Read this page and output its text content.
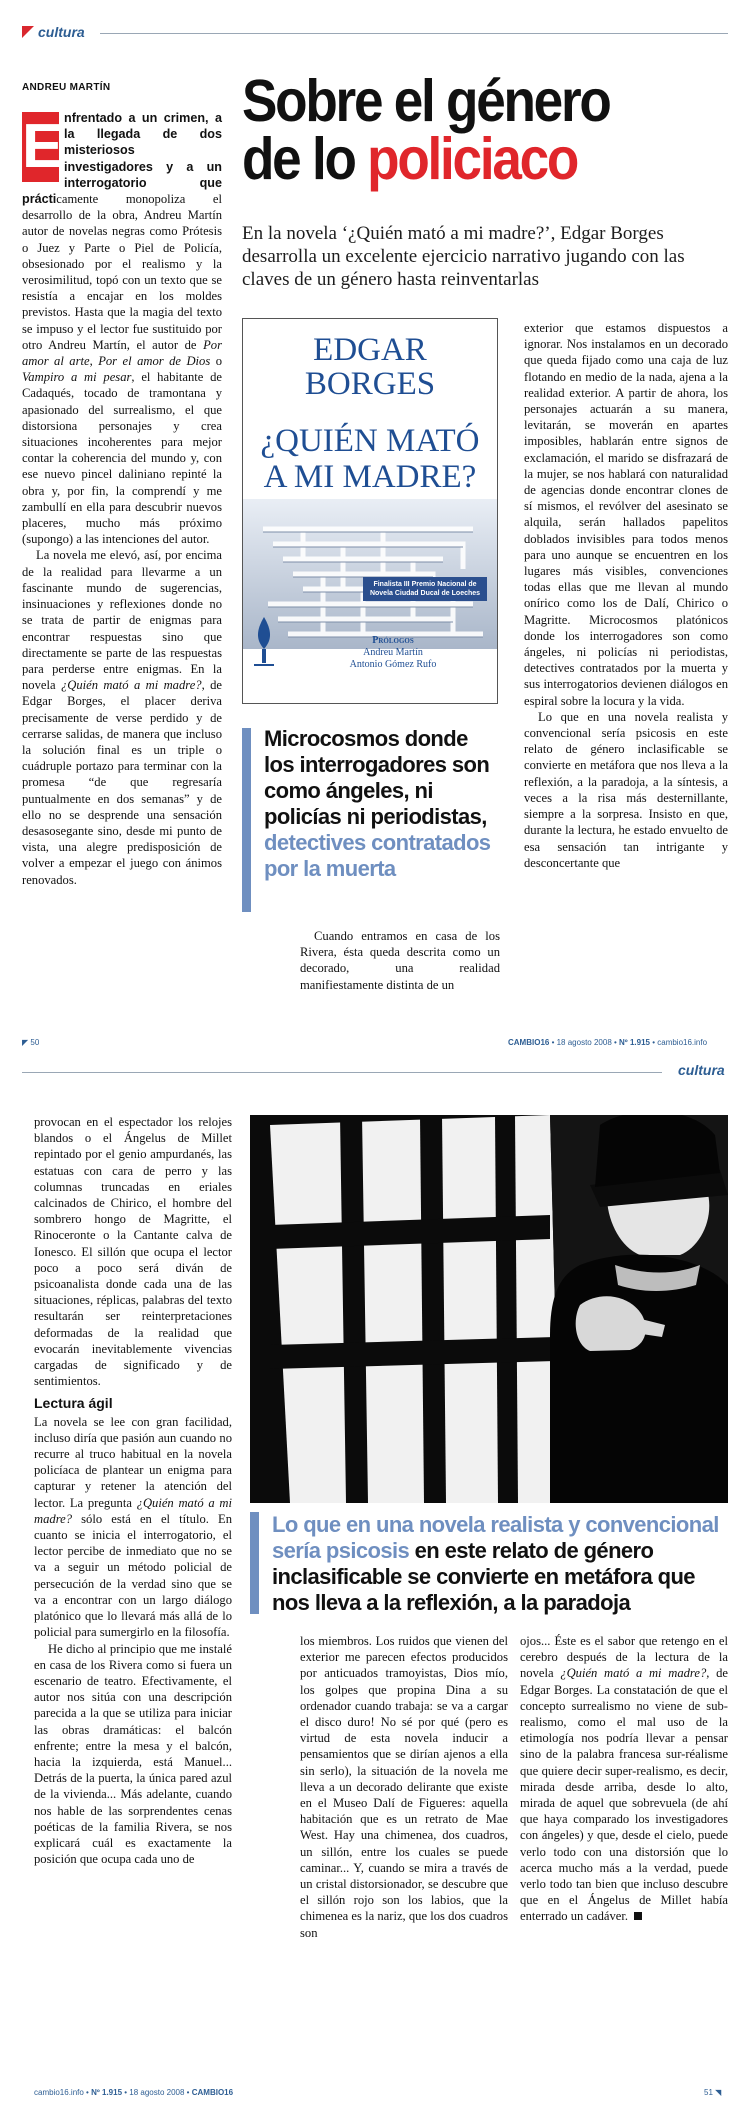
cultura
ANDREU MARTÍN Sobre el género
de lo policiaco
En la novela ‘¿Quién mató a mi madre?’, Edgar Borges desarrolla un excelente ejercicio narrativo jugando con las claves de un género hasta reinventarlas

E nfrentado a un crimen, a la llegada de dos misteriosos investigadores y a un interrogatorio que prácticamente monopoliza el desarrollo de la obra, Andreu Martín autor de novelas negras como Prótesis o Juez y Parte o Piel de Policía, obsesionado por el realismo y la verosimilitud, topó con un texto que se resistía a encajar en los moldes previstos. Hasta que la magia del texto se impuso y el lector fue sustituido por otro Andreu Martín, el autor de Por amor al arte, Por el amor de Dios o Vampiro a mi pesar, el habitante de Cadaqués, tocado de tramontana y apasionado del surrealismo, el que distorsiona personajes y crea situaciones incoherentes para mejor contar la coherencia del mundo y, con ese nuevo pincel daliniano repinté la obra y, por fin, la comprendí y me zambullí en ella para descubrir nuevos placeres, mucho más próximo (supongo) a las intenciones del autor.

La novela me elevó, así, por encima de la realidad para llevarme a un fascinante mundo de sugerencias, insinuaciones y reflexiones donde no se trata de partir de enigmas para encontrar respuestas sino que directamente se parte de las respuestas para perderse entre enigmas. En la novela ¿Quién mató a mi madre?, de Edgar Borges, el placer deriva precisamente de verse perdido y de cerrarse salidas, de manera que incluso la solución final es un triple o cuádruple portazo para terminar con la promesa “de que regresaría puntualmente en dos semanas” y de ello no se desprende una sensación desasosegante sino, desde mi punto de vista, una alegre predisposición de volver a empezar el juego con ánimos renovados.

EDGAR
BORGES
¿QUIÉN MATÓ
A MI MADRE?
Finalista III Premio Nacional de
Novela Ciudad Ducal de Loeches
Prólogos
Andreu Martín
Antonio Gómez Rufo
Microcosmos donde los interrogadores son como ángeles, ni policías ni periodistas, detectives contratados por la muerta

Cuando entramos en casa de los Rivera, ésta queda descrita como un decorado, una realidad manifiestamente distinta de un

exterior que estamos dispuestos a ignorar. Nos instalamos en un decorado que queda fijado como una caja de luz flotando en medio de la nada, ajena a la realidad exterior. A partir de ahora, los personajes actuarán a su manera, levitarán, se moverán en apartes imposibles, hablarán entre signos de exclamación, el marido se disfrazará de la mujer, se nos hablará con naturalidad de agencias donde encontrar clones de sí mismos, el revólver del asesinato se alquila, serán hallados papelitos doblados invisibles para todos menos para uno aunque se encuentren en los lugares más visibles, convenciones todas ellas que me llevan al mundo onírico como los de Dalí, Chirico o Magritte. Microcosmos platónicos donde los interrogadores son como ángeles, ni policías ni periodistas, detectives contratados por la muerta y sus interrogatorios devienen diálogos en espiral sobre la locura y la vida.

Lo que en una novela realista y convencional sería psicosis en este relato de género inclasificable se convierte en metáfora que nos lleva a la reflexión, a la paradoja, a la síntesis, a veces a la risa más desternillante, siempre a la sorpresa. Insisto en que, durante la lectura, he estado envuelto de esa sensación tan intrigante y desconcertante que

◤ 50	CAMBIO16 • 18 agosto 2008 • Nº 1.915 • cambio16.info
cultura

provocan en el espectador los relojes blandos o el Ángelus de Millet repintado por el genio ampurdanés, las estatuas con cara de perro y las columnas truncadas en eriales calcinados de Chirico, el hombre del sombrero hongo de Magritte, el Rinoceronte o la Cantante calva de Ionesco. El sillón que ocupa el lector poco a poco será diván de psicoanalista donde cada una de las situaciones, réplicas, palabras del texto resultarán ser reinterpretaciones deformadas de la realidad que evocarán inevitablemente vivencias cargadas de significado y de sentimientos.

Lectura ágil

La novela se lee con gran facilidad, incluso diría que pasión aun cuando no recurre al truco habitual en la novela policíaca de plantear un enigma para capturar y retener la atención del lector. La pregunta ¿Quién mató a mi madre? sólo está en el título. En cuanto se inicia el interrogatorio, el lector percibe de inmediato que no se va a seguir un método policial de persecución de la verdad sino que se va a encontrar con un largo diálogo platónico que lo llevará más allá de lo policial para sumergirlo en la filosofía.

He dicho al principio que me instalé en casa de los Rivera como si fuera un escenario de teatro. Efectivamente, el autor nos sitúa con una descripción parecida a la que se utiliza para iniciar las obras dramáticas: el balcón enfrente; entre la mesa y el balcón, hacia la izquierda, está Manuel... Detrás de la puerta, la única pared azul de la vivienda... Más adelante, cuando nos hable de las sorprendentes cenas poéticas de la familia Rivera, se nos explicará cuál es exactamente la posición que ocupa cada uno de

Lo que en una novela realista y convencional sería psicosis en este relato de género inclasificable se convierte en metáfora que nos lleva a la reflexión, a la paradoja

los miembros. Los ruidos que vienen del exterior me parecen efectos producidos por anticuados tramoyistas, Dios mío, los golpes que propina Dina a su ordenador cuando trabaja: se va a cargar el disco duro! No sé por qué (pero es virtud de esta novela inducir a pensamientos que se dirían ajenos a ella sin serlo), la situación de la novela me lleva a un decorado delirante que existe en el Museo Dalí de Figueres: aquella habitación que es un retrato de Mae West. Hay una chimenea, dos cuadros, un sillón, entre los cuales se puede caminar... Y, cuando se mira a través de un cristal distorsionador, se descubre que el sillón rojo son los labios, que la chimenea es la nariz, que los dos cuadros son

ojos... Éste es el sabor que retengo en el cerebro después de la lectura de la novela ¿Quién mató a mi madre?, de Edgar Borges. La constatación de que el concepto surrealismo no viene de sub-realismo, como el mal uso de la etimología nos podría llevar a pensar sino de la palabra francesa sur-réalisme que quiere decir super-realismo, es decir, mirada desde arriba, desde lo alto, mirada de aquel que sobrevuela (de ahí que haya comparado los investigadores con ángeles) y que, desde el cielo, puede verlo todo con una distorsión que lo acerca mucho más a la verdad, puede verlo todo tan bien que incluso descubre que en el Ángelus de Millet había enterrado un cadáver.

cambio16.info • Nº 1.915 • 18 agosto 2008 • CAMBIO16	51 ◥
